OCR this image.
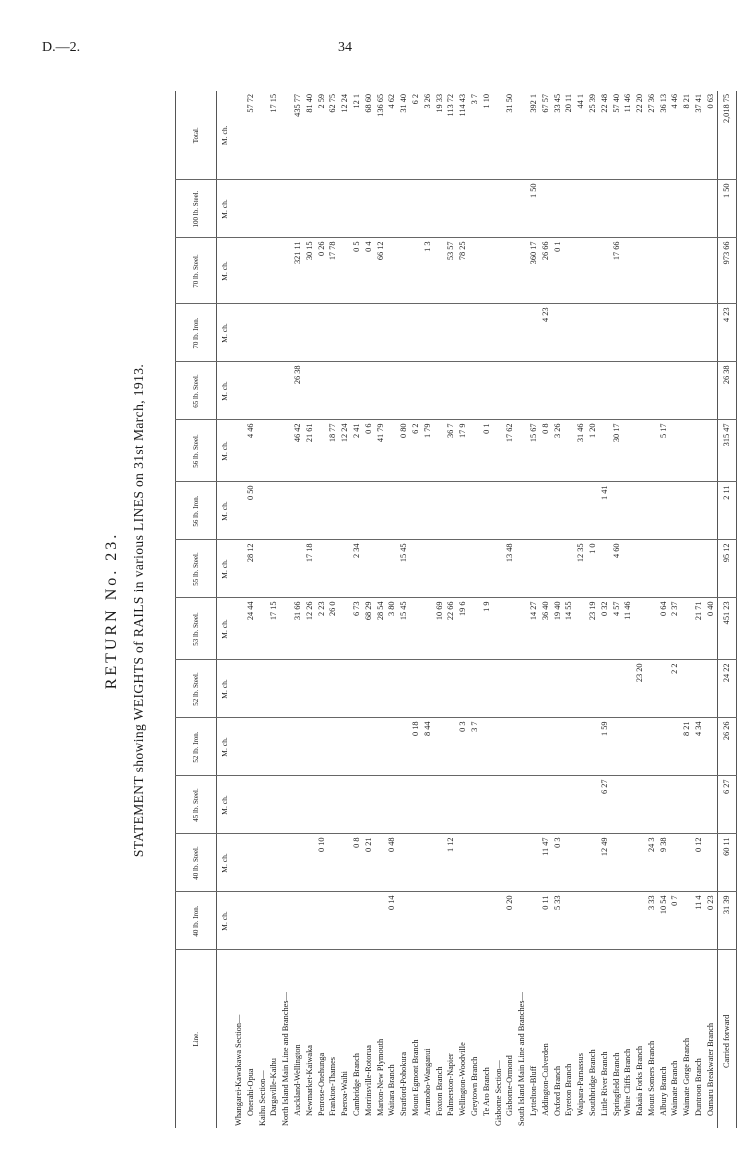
D.—2.	34
RETURN No. 23. STATEMENT showing WEIGHTS of RAILS in various LINES on 31st March, 1913.
Line.	40 lb. Iron.	40 lb. Steel.	45 lb. Steel.	52 lb. Iron.	52 lb. Steel.	53 lb. Steel.	55 lb. Steel.	56 lb. Iron.	56 lb. Steel.	65 lb. Steel.	70 lb. Iron.	70 lb. Steel.	100 lb. Steel.	Total.
	M. ch.	M. ch.	M. ch.	M. ch.	M. ch.	M. ch.	M. ch.	M. ch.	M. ch.	M. ch.	M. ch.	M. ch.	M. ch.	M. ch.
Whangarei-Kawakawa Section—														
Onerahi-Opua						24 44	28 12	0 50	4 46					57 72
Kaihu Section—														
Dargaville-Kaihu						17 15								17 15
North Island Main Line and Branches—														
Auckland-Wellington						31 66			46 42	26 38		321 11		435 77
Newmarket-Kaiwaka						12 26	17 18		21 61			30 15		81 40
Penrose-Onehunga		0 10				2 23						0 26		2 59
Frankton-Thames						26 0			18 77			17 78		62 75
Paeroa-Waihi									12 24					12 24
Cambridge Branch		0 8				6 73	2 34		2 41			0 5		12 1
Morrinsville-Rotorua		0 21				68 29			0 6			0 4		68 60
Marton-New Plymouth						28 54			41 79			66 12		136 65
Waitara Branch	0 14	0 48				3 80								4 62
Stratford-Pohokura						15 45	15 45		0 80					31 40
Mount Egmont Branch				0 18					6 2					6 2
Aramoho-Wanganui				8 44					1 79			1 3		3 26
Foxton Branch						10 69								19 33
Palmerston-Napier		1 12				22 66			36 7			53 57		113 72
Wellington-Woodville				0 3		19 6			17 9			78 25		114 43
Greytown Branch				3 7										3 7
Te Aro Branch						1 9			0 1					1 10
Gisborne Section—														
Gisborne-Ormond	0 20						13 48		17 62					31 50
South Island Main Line and Branches—														
Lyttelton-Bluff						14 27			15 67			360 17	1 50	392 1
Addington-Culverden	0 11	11 47				36 40			0 8		4 23	26 66		67 57
Oxford Branch	5 33	0 3				19 40			3 26			0 1		33 45
Eyreton Branch						14 55								20 11
Waipara-Parnassus							12 35		31 46					44 1
Southbridge Branch						23 19	1 0		1 20					25 39
Little River Branch		12 49	6 27	1 59		0 32		1 41						22 48
Springfield Branch						4 57	4 60		30 17			17 66		57 40
White Cliffs Branch						11 46								11 46
Rakaia Forks Branch					23 20									22 20
Mount Somers Branch	3 33	24 3												27 36
Albury Branch	10 54	9 38				0 64			5 17					36 13
Waimate Branch	0 7				2 2	2 37								4 46
Waimate Gorge Branch				8 21										8 21
Duntroon Branch	11 4	0 12		4 34		21 71								37 41
Oamaru Breakwater Branch	0 23					0 40								0 63
Carried forward	31 39	60 11	6 27	26 26	24 22	451 23	95 12	2 11	315 47	26 38	4 23	973 66	1 50	2,018 75
